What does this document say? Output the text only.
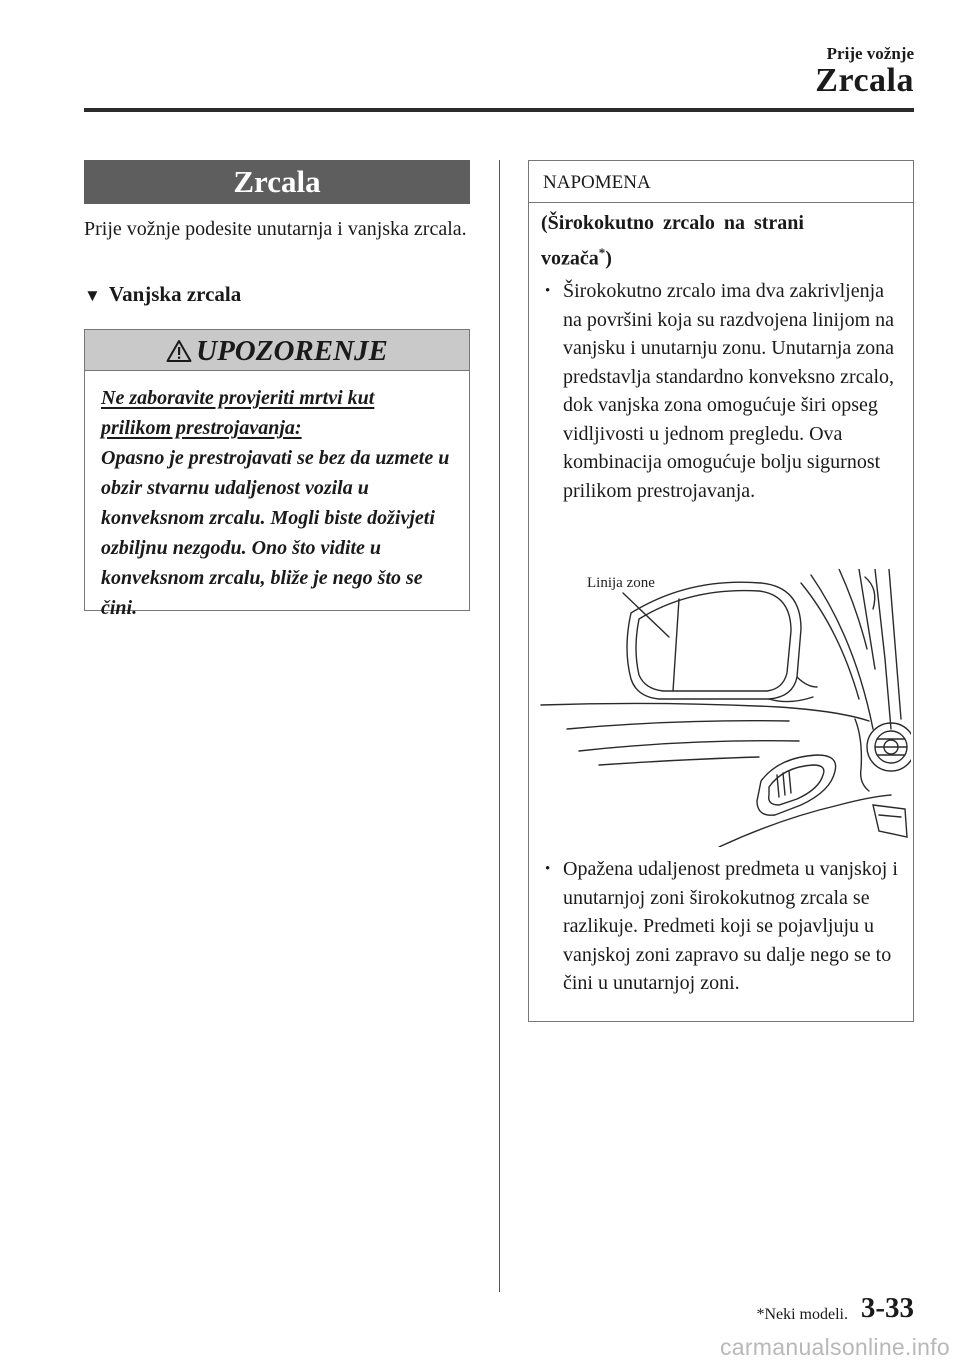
Prije vožnje
Zrcala
Zrcala

Prije vožnje podesite unutarnja i vanjska zrcala.

▼ Vanjska zrcala
UPOZORENJE
Ne zaboravite provjeriti mrtvi kut
prilikom prestrojavanja:
Opasno je prestrojavati se bez da uzmete u obzir stvarnu udaljenost vozila u konveksnom zrcalu. Mogli biste doživjeti ozbiljnu nezgodu. Ono što vidite u konveksnom zrcalu, bliže je nego što se čini.
NAPOMENA
(Širokokutno zrcalo na strani vozača*)
• Širokokutno zrcalo ima dva zakrivljenja na površini koja su razdvojena linijom na vanjsku i unutarnju zonu. Unutarnja zona predstavlja standardno konveksno zrcalo, dok vanjska zona omogućuje širi opseg vidljivosti u jednom pregledu. Ova kombinacija omogućuje bolju sigurnost prilikom prestrojavanja.
Linija zone
• Opažena udaljenost predmeta u vanjskoj i unutarnjoj zoni širokokutnog zrcala se razlikuje. Predmeti koji se pojavljuju u vanjskoj zoni zapravo su dalje nego se to čini u unutarnjoj zoni.
*Neki modeli. 3-33
carmanualsonline.info
